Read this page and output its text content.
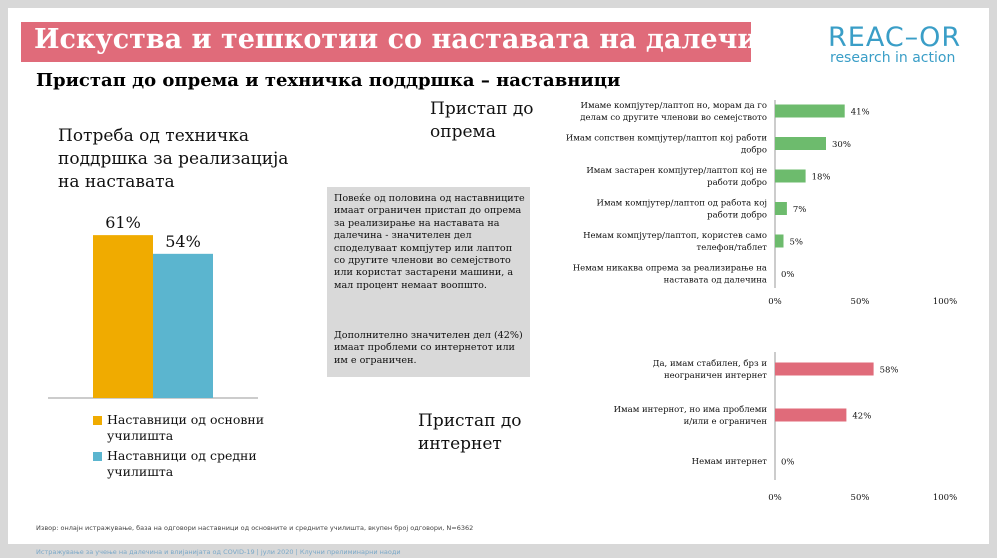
Искуства и тешкотии со наставата на далечина REAC–OR
research in action
Пристап до опрема и техничка поддршка – наставници
Потреба од техничка поддршка за реализација на наставата
Пристап до опрема
Пристап до интернет

Повеќе од половина од наставниците имаат ограничен пристап до опрема за реализирање на наставата на далечина - значителен дел споделуваат компјутер или лаптоп со другите членови во семејството или користат застарени машини, а мал процент немаат воопшто.

Дополнително значителен дел (42%) имаат проблеми со интернетот или им е ограничен.

61%
54%
Наставници од основни училишта
Наставници од средни училишта
41%
Имаме компјутер/лаптоп но, морам да го
делам со другите членови во семејството
30%
Имам сопствен компјутер/лаптоп кој работи
добро
18%
Имам застарен компјутер/лаптоп кој не
работи добро
7%
Имам компјутер/лаптоп од работа кој
работи добро
5%
Немам компјутер/лаптоп, користев само
телефон/таблет
0%
Немам никаква опрема за реализирање на
наставата од далечина
0%	50%	100%
58%
Да, имам стабилен, брз и
неограничен интернет
42%
Имам интернот, но има проблеми
и/или е ограничен
0%
Немам интернет
0%	50%	100%
Извор: онлајн истражување, база на одговори наставници од основните и средните училишта, вкупен број одговори, N=6362
Истражување за учење на далечина и влијанијата од COVID-19 | јули 2020 | Клучни прелиминарни наоди
